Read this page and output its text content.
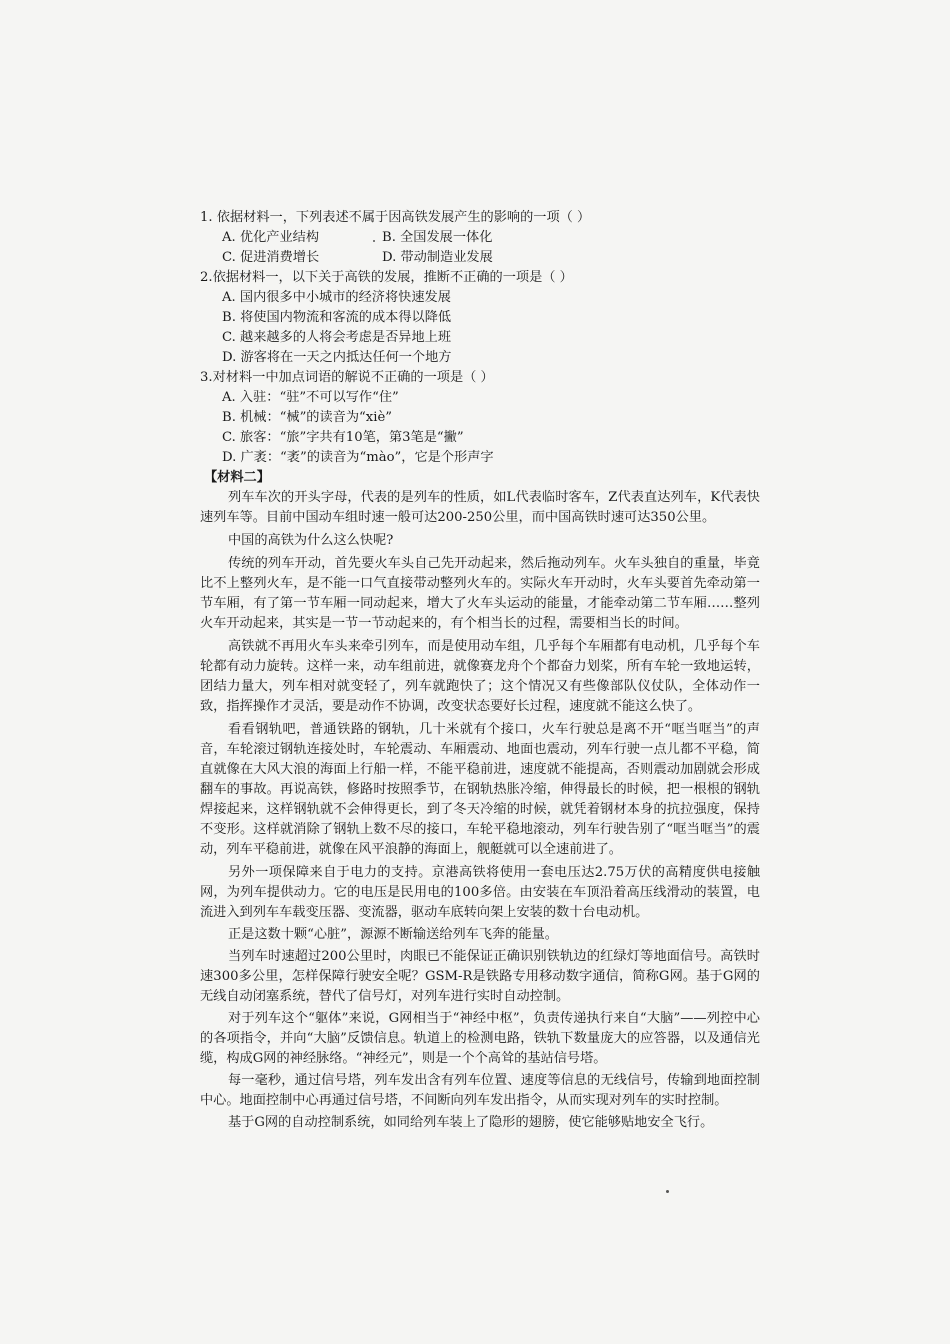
1. 依据材料一，下列表述不属于因高铁发展产生的影响的一项（ ）
A. 优化产业结构	B. 全国发展一体化
C. 促进消费增长	D. 带动制造业发展
2.依据材料一，以下关于高铁的发展，推断不正确的一项是（ ）
A. 国内很多中小城市的经济将快速发展
B. 将使国内物流和客流的成本得以降低
C. 越来越多的人将会考虑是否异地上班
D. 游客将在一天之内抵达任何一个地方
3.对材料一中加点词语的解说不正确的一项是（ ）
A. 入驻：“驻”不可以写作“住”
B. 机械：“械”的读音为“xiè”
C. 旅客：“旅”字共有10笔，第3笔是“撇”
D. 广袤：“袤”的读音为“mào”，它是个形声字
【材料二】

列车车次的开头字母，代表的是列车的性质，如L代表临时客车，Z代表直达列车，K代表快速列车等。目前中国动车组时速一般可达200-250公里，而中国高铁时速可达350公里。

中国的高铁为什么这么快呢?

传统的列车开动，首先要火车头自己先开动起来，然后拖动列车。火车头独自的重量，毕竟比不上整列火车，是不能一口气直接带动整列火车的。实际火车开动时，火车头要首先牵动第一节车厢，有了第一节车厢一同动起来，增大了火车头运动的能量，才能牵动第二节车厢……整列火车开动起来，其实是一节一节动起来的，有个相当长的过程，需要相当长的时间。

高铁就不再用火车头来牵引列车，而是使用动车组，几乎每个车厢都有电动机，几乎每个车轮都有动力旋转。这样一来，动车组前进，就像赛龙舟个个都奋力划桨，所有车轮一致地运转，团结力量大，列车相对就变轻了，列车就跑快了；这个情况又有些像部队仪仗队，全体动作一致，指挥操作才灵活，要是动作不协调，改变状态要好长过程，速度就不能这么快了。

看看钢轨吧，普通铁路的钢轨，几十米就有个接口，火车行驶总是离不开“哐当哐当”的声音，车轮滚过钢轨连接处时，车轮震动、车厢震动、地面也震动，列车行驶一点儿都不平稳，简直就像在大风大浪的海面上行船一样，不能平稳前进，速度就不能提高，否则震动加剧就会形成翻车的事故。再说高铁，修路时按照季节，在钢轨热胀冷缩，伸得最长的时候，把一根根的钢轨焊接起来，这样钢轨就不会伸得更长，到了冬天冷缩的时候，就凭着钢材本身的抗拉强度，保持不变形。这样就消除了钢轨上数不尽的接口，车轮平稳地滚动，列车行驶告别了“哐当哐当”的震动，列车平稳前进，就像在风平浪静的海面上，舰艇就可以全速前进了。

另外一项保障来自于电力的支持。京港高铁将使用一套电压达2.75万伏的高精度供电接触网，为列车提供动力。它的电压是民用电的100多倍。由安装在车顶沿着高压线滑动的装置，电流进入到列车车载变压器、变流器，驱动车底转向架上安装的数十台电动机。

正是这数十颗“心脏”，源源不断输送给列车飞奔的能量。

当列车时速超过200公里时，肉眼已不能保证正确识别铁轨边的红绿灯等地面信号。高铁时速300多公里，怎样保障行驶安全呢？GSM-R是铁路专用移动数字通信，简称G网。基于G网的无线自动闭塞系统，替代了信号灯，对列车进行实时自动控制。

对于列车这个“躯体”来说，G网相当于“神经中枢”，负责传递执行来自“大脑”——列控中心的各项指令，并向“大脑”反馈信息。轨道上的检测电路，铁轨下数量庞大的应答器，以及通信光缆，构成G网的神经脉络。“神经元”，则是一个个高耸的基站信号塔。

每一毫秒，通过信号塔，列车发出含有列车位置、速度等信息的无线信号，传输到地面控制中心。地面控制中心再通过信号塔，不间断向列车发出指令，从而实现对列车的实时控制。

基于G网的自动控制系统，如同给列车装上了隐形的翅膀，使它能够贴地安全飞行。
